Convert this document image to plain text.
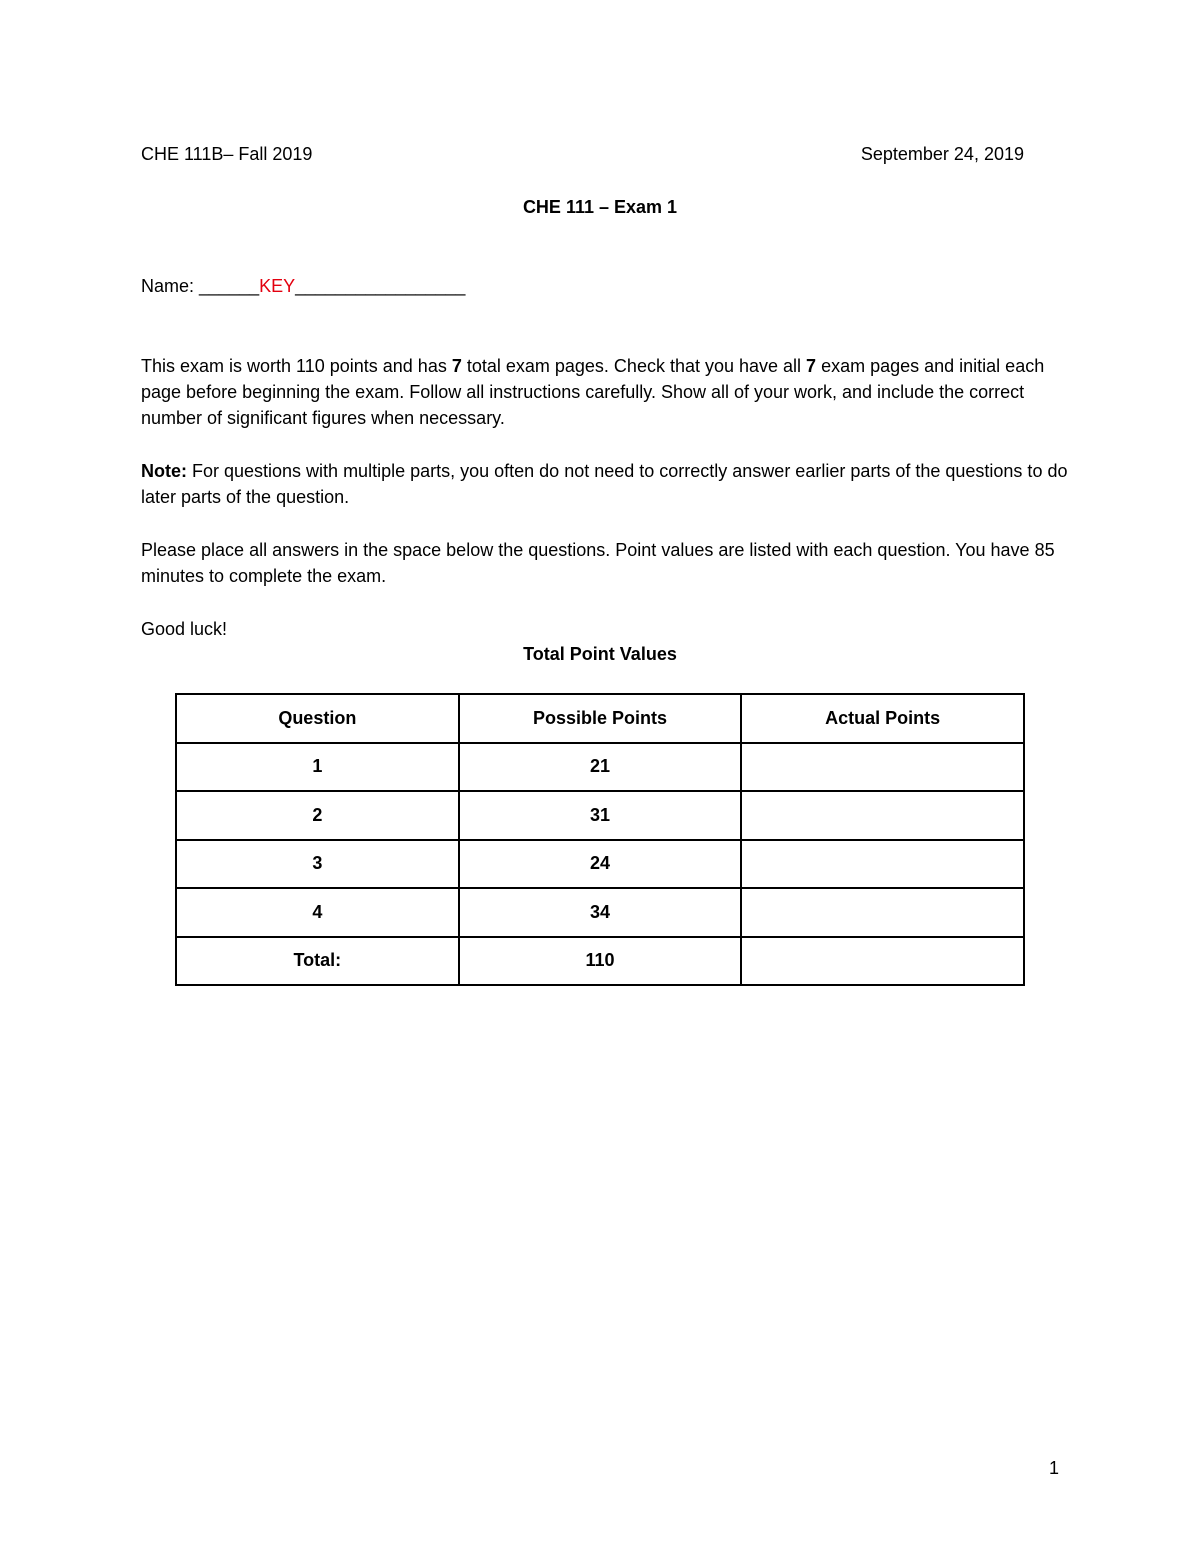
CHE 111B– Fall 2019	September 24, 2019
CHE 111 – Exam 1
Name: ______KEY_________________
This exam is worth 110 points and has 7 total exam pages. Check that you have all 7 exam pages and initial each page before beginning the exam. Follow all instructions carefully. Show all of your work, and include the correct number of significant figures when necessary.
Note: For questions with multiple parts, you often do not need to correctly answer earlier parts of the questions to do later parts of the question.
Please place all answers in the space below the questions. Point values are listed with each question. You have 85 minutes to complete the exam.
Good luck!
Total Point Values
Question	Possible Points	Actual Points
1	21	
2	31	
3	24	
4	34	
Total:	110	
1
